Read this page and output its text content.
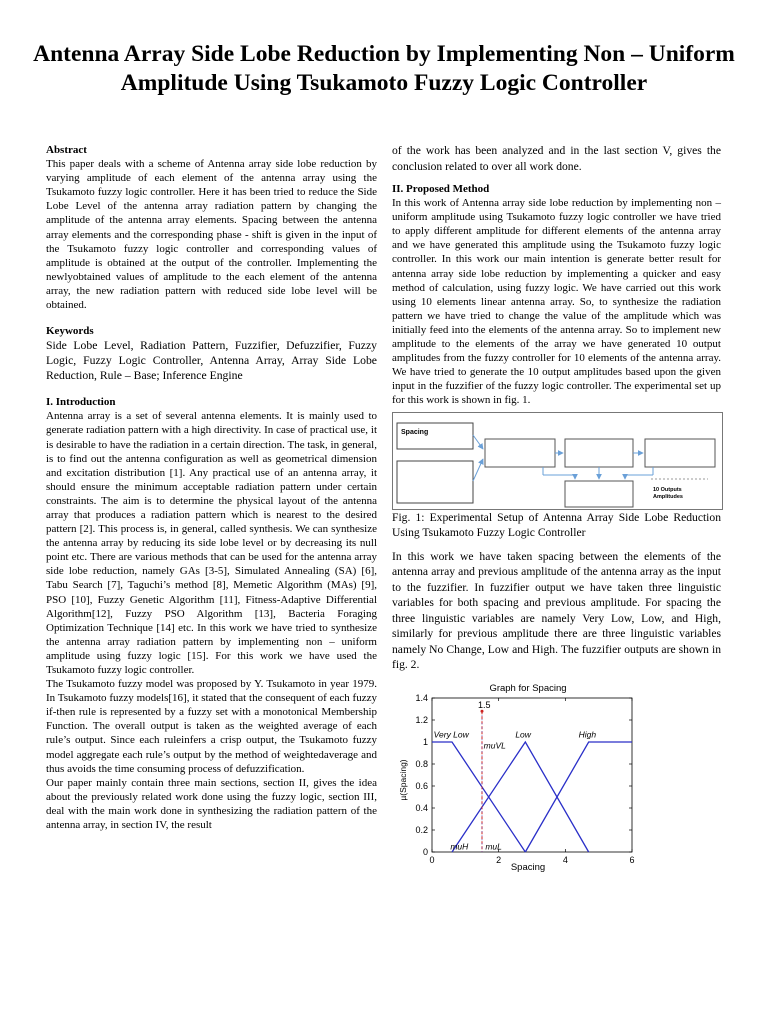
Antenna Array Side Lobe Reduction by Implementing Non – Uniform Amplitude Using Tsukamoto Fuzzy Logic Controller
Abstract

This paper deals with a scheme of Antenna array side lobe reduction by varying amplitude of each element of the antenna array using the Tsukamoto fuzzy logic controller. Here it has been tried to reduce the Side Lobe Level of the antenna array radiation pattern by changing the amplitude of the antenna array elements. Spacing between the antenna array elements and the corresponding phase - shift is given in the input of the Tsukamoto fuzzy logic controller and corresponding values of amplitude is obtained at the output of the controller. Implementing the newlyobtained values of amplitude to the each element of the antenna array, the new radiation pattern with reduced side lobe level will be obtained.

Keywords

Side Lobe Level, Radiation Pattern, Fuzzifier, Defuzzifier, Fuzzy Logic, Fuzzy Logic Controller, Antenna Array, Array Side Lobe Reduction, Rule – Base; Inference Engine

I. Introduction

Antenna array is a set of several antenna elements. It is mainly used to generate radiation pattern with a high directivity. In case of practical use, it is desirable to have the radiation in a certain direction. The task, in general, is to find out the antenna configuration as well as geometrical dimension and excitation distribution [1]. Any practical use of an antenna array, it should ensure the minimum acceptable radiation pattern under certain constraints. The aim is to determine the physical layout of the antenna array that produces a radiation pattern which is nearest to the desired pattern [2]. This process is, in general, called synthesis. We can synthesize the antenna array by reducing its side lobe level or by decreasing its null point etc. There are various methods that can be used for the antenna array side lobe reduction, namely GAs [3-5], Simulated Annealing (SA) [6], Tabu Search [7], Taguchi’s method [8], Memetic Algorithm (MAs) [9], PSO [10], Fuzzy Genetic Algorithm [11], Fitness-Adaptive Differential Algorithm[12], Fuzzy PSO Algorithm [13], Bacteria Foraging Optimization Technique [14] etc. In this work we have tried to synthesize the antenna array radiation pattern by implementing non – uniform amplitude using fuzzy logic [15]. For this work we have used the Tsukamoto fuzzy logic controller.

The Tsukamoto fuzzy model was proposed by Y. Tsukamoto in year 1979. In Tsukamoto fuzzy models[16], it stated that the consequent of each fuzzy if-then rule is represented by a fuzzy set with a monotonical Membership Function. The overall output is taken as the weighted average of each rule’s output. Since each ruleinfers a crisp output, the Tsukamoto fuzzy model aggregate each rule’s output by the method of weightedaverage and thus avoids the time consuming process of defuzzification.

Our paper mainly contain three main sections, section II, gives the idea about the previously related work done using the fuzzy logic, section III, deal with the main work done in synthesizing the radiation pattern of the antenna array, in section IV, the result

of the work has been analyzed and in the last section V, gives the conclusion related to over all work done.

II. Proposed Method

In this work of Antenna array side lobe reduction by implementing non – uniform amplitude using Tsukamoto fuzzy logic controller we have tried to apply different amplitude for different elements of the antenna array and we have generated this amplitude using the Tsukamoto fuzzy logic controller. In this work our main intention is generate better result for antenna array side lobe reduction by implementing a quicker and easy method of calculation, using fuzzy logic. We have carried out this work using 10 elements linear antenna array. So, to synthesize the radiation pattern we have tried to change the value of the amplitude which was initially feed into the elements of the antenna array. So to implement new amplitude to the elements of the array we have generated 10 output amplitudes from the fuzzy controller for 10 elements of the antenna array. We have tried to generate the 10 output amplitudes based upon the given input in the fuzzifier of the fuzzy logic controller. The experimental set up for this work is shown in fig. 1.

Spacing
10 Outputs
Amplitudes

Fig. 1: Experimental Setup of Antenna Array Side Lobe Reduction Using Tsukamoto Fuzzy Logic Controller

In this work we have taken spacing between the elements of the antenna array and previous amplitude of the antenna array as the input to the fuzzifier. In fuzzifier output we have taken three linguistic variables for both spacing and previous amplitude. For spacing the three linguistic variables are namely Very Low, Low, and High, similarly for previous amplitude there are three linguistic variables namely No Change, Low and High. The fuzzifier outputs are shown in fig. 2.

Graph for Spacing
Spacing
µ(Spacing)
0
0.2
0.4
0.6
0.8
1
1.2
1.4
0	2	4	6
1.5
Very Low	Low	High
muVL
muH muL
